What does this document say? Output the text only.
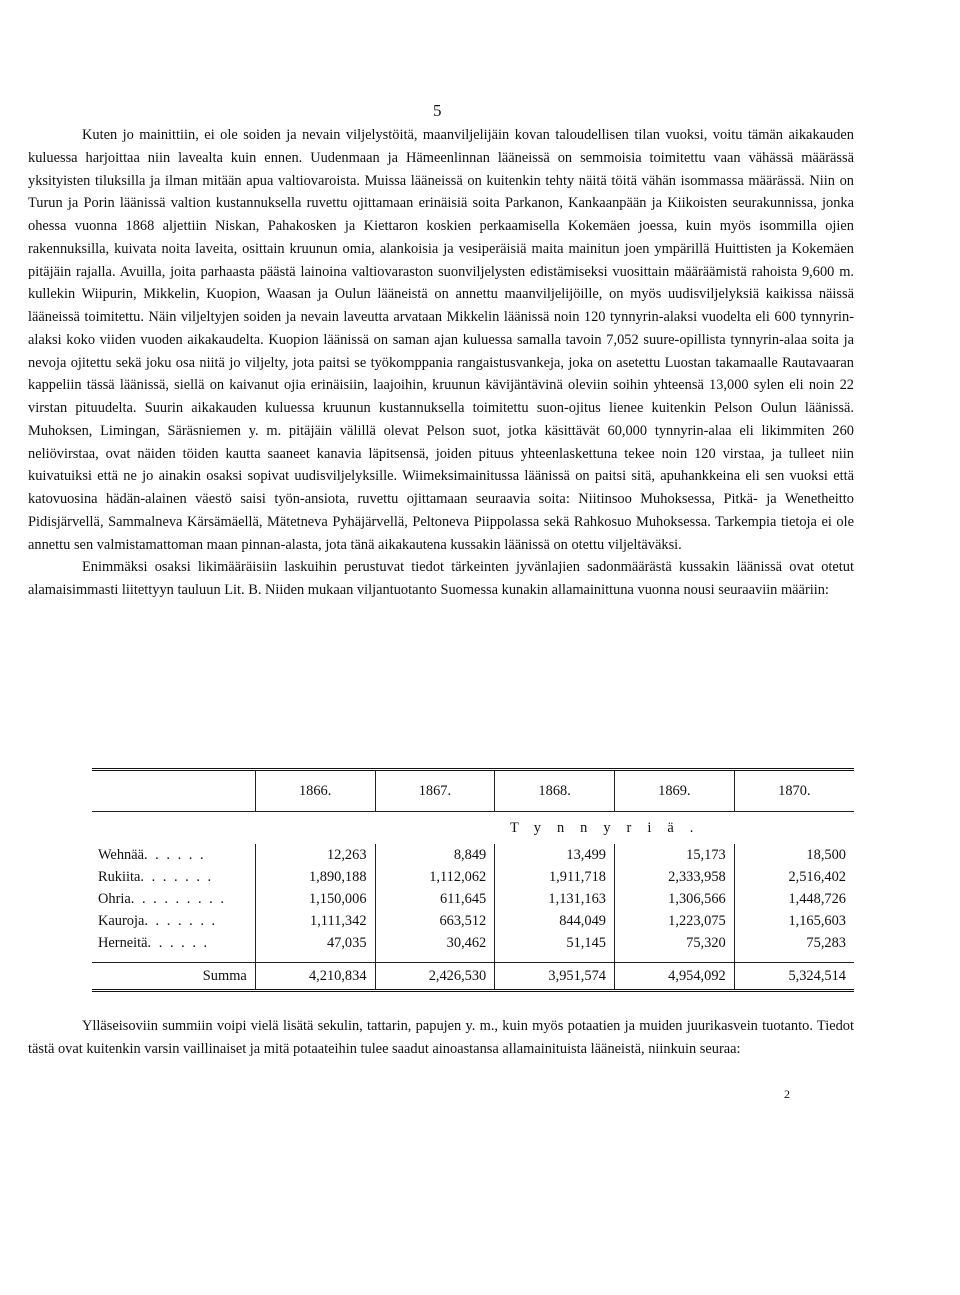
5

Kuten jo mainittiin, ei ole soiden ja nevain viljelystöitä, maanviljelijäin kovan taloudellisen tilan vuoksi, voitu tämän aikakauden kuluessa harjoittaa niin lavealta kuin ennen. Uudenmaan ja Hämeenlinnan lääneissä on semmoisia toimitettu vaan vähässä määrässä yksityisten tiluksilla ja ilman mitään apua valtiovaroista. Muissa lääneissä on kuitenkin tehty näitä töitä vähän isommassa määrässä. Niin on Turun ja Porin läänissä valtion kustannuksella ruvettu ojittamaan erinäisiä soita Parkanon, Kankaanpään ja Kiikoisten seurakunnissa, jonka ohessa vuonna 1868 aljettiin Niskan, Pahakosken ja Kiettaron koskien perkaamisella Kokemäen joessa, kuin myös isommilla ojien rakennuksilla, kuivata noita laveita, osittain kruunun omia, alankoisia ja vesiperäisiä maita mainitun joen ympärillä Huittisten ja Kokemäen pitäjäin rajalla. Avuilla, joita parhaasta päästä lainoina valtiovaraston suonviljelysten edistämiseksi vuosittain määräämistä rahoista 9,600 m. kullekin Wiipurin, Mikkelin, Kuopion, Waasan ja Oulun lääneistä on annettu maanviljelijöille, on myös uudisviljelyksiä kaikissa näissä lääneissä toimitettu. Näin viljeltyjen soiden ja nevain laveutta arvataan Mikkelin läänissä noin 120 tynnyrin-alaksi vuodelta eli 600 tynnyrin-alaksi koko viiden vuoden aikakaudelta. Kuopion läänissä on saman ajan kuluessa samalla tavoin 7,052 suure-opillista tynnyrin-alaa soita ja nevoja ojitettu sekä joku osa niitä jo viljelty, jota paitsi se työkomppania rangaistusvankeja, joka on asetettu Luostan takamaalle Rautavaaran kappeliin tässä läänissä, siellä on kaivanut ojia erinäisiin, laajoihin, kruunun kävijäntävinä oleviin soihin yhteensä 13,000 sylen eli noin 22 virstan pituudelta. Suurin aikakauden kuluessa kruunun kustannuksella toimitettu suon-ojitus lienee kuitenkin Pelson Oulun läänissä. Muhoksen, Limingan, Säräsniemen y. m. pitäjäin välillä olevat Pelson suot, jotka käsittävät 60,000 tynnyrin-alaa eli likimmiten 260 neliövirstaa, ovat näiden töiden kautta saaneet kanavia läpitsensä, joiden pituus yhteenlaskettuna tekee noin 120 virstaa, ja tulleet niin kuivatuiksi että ne jo ainakin osaksi sopivat uudisviljelyksille. Wiimeksimainitussa läänissä on paitsi sitä, apuhankkeina eli sen vuoksi että katovuosina hädän-alainen väestö saisi työn-ansiota, ruvettu ojittamaan seuraavia soita: Niitinsoo Muhoksessa, Pitkä- ja Wenetheitto Pidisjärvellä, Sammalneva Kärsämäellä, Mätetneva Pyhäjärvellä, Peltoneva Piippolassa sekä Rahkosuo Muhoksessa. Tarkempia tietoja ei ole annettu sen valmistamattoman maan pinnan-alasta, jota tänä aikakautena kussakin läänissä on otettu viljeltäväksi.

Enimmäksi osaksi likimääräisiin laskuihin perustuvat tiedot tärkeinten jyvänlajien sadonmäärästä kussakin läänissä ovat otetut alamaisimmasti liitettyyn tauluun Lit. B. Niiden mukaan viljantuotanto Suomessa kunakin allamainittuna vuonna nousi seuraaviin määriin:

	1866.	1867.	1868.	1869.	1870.
	Tynnyriä.				
Wehnää. . . . . .	12,263	8,849	13,499	15,173	18,500
Rukiita. . . . . . .	1,890,188	1,112,062	1,911,718	2,333,958	2,516,402
Ohria. . . . . . . . .	1,150,006	611,645	1,131,163	1,306,566	1,448,726
Kauroja. . . . . . .	1,111,342	663,512	844,049	1,223,075	1,165,603
Herneitä. . . . . .	47,035	30,462	51,145	75,320	75,283

Summa	4,210,834	2,426,530	3,951,574	4,954,092	5,324,514

Ylläseisoviin summiin voipi vielä lisätä sekulin, tattarin, papujen y. m., kuin myös potaatien ja muiden juurikasvein tuotanto. Tiedot tästä ovat kuitenkin varsin vaillinaiset ja mitä potaateihin tulee saadut ainoastansa allamainituista lääneistä, niinkuin seuraa:

2
